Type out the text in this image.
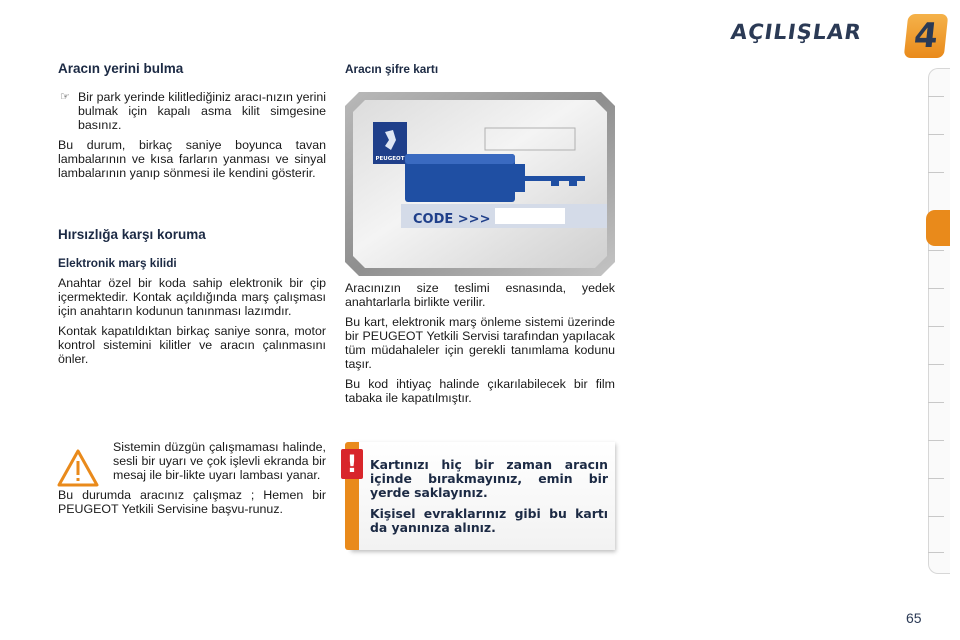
AÇILIŞLAR 4
Aracın yerini bulma
☞ Bir park yerinde kilitlediğiniz aracı-nızın yerini bulmak için kapalı asma kilit simgesine basınız.

Bu durum, birkaç saniye boyunca tavan lambalarının ve kısa farların yanması ve sinyal lambalarının yanıp sönmesi ile kendini gösterir.

Hırsızlığa karşı koruma
Elektronik marş kilidi

Anahtar özel bir koda sahip elektronik bir çip içermektedir. Kontak açıldığında marş çalışması için anahtarın kodunun tanınması lazımdır.

Kontak kapatıldıktan birkaç saniye sonra, motor kontrol sistemini kilitler ve aracın çalınmasını önler.

Sistemin düzgün çalışmaması halinde, sesli bir uyarı ve çok işlevli ekranda bir mesaj ile bir-likte uyarı lambası yanar.

Bu durumda aracınız çalışmaz ; Hemen bir PEUGEOT Yetkili Servisine başvu-runuz.

Aracın şifre kartı
PEUGEOT
CODE >>>

Aracınızın size teslimi esnasında, yedek anahtarlarla birlikte verilir.

Bu kart, elektronik marş önleme sistemi üzerinde bir PEUGEOT Yetkili Servisi tarafından yapılacak tüm müdahaleler için gerekli tanımlama kodunu taşır.

Bu kod ihtiyaç halinde çıkarılabilecek bir film tabaka ile kapatılmıştır.

!	Kartınızı hiç bir zaman aracın içinde bırakmayınız, emin bir yerde saklayınız.

Kişisel evraklarınız gibi bu kartı da yanınıza alınız.

65
